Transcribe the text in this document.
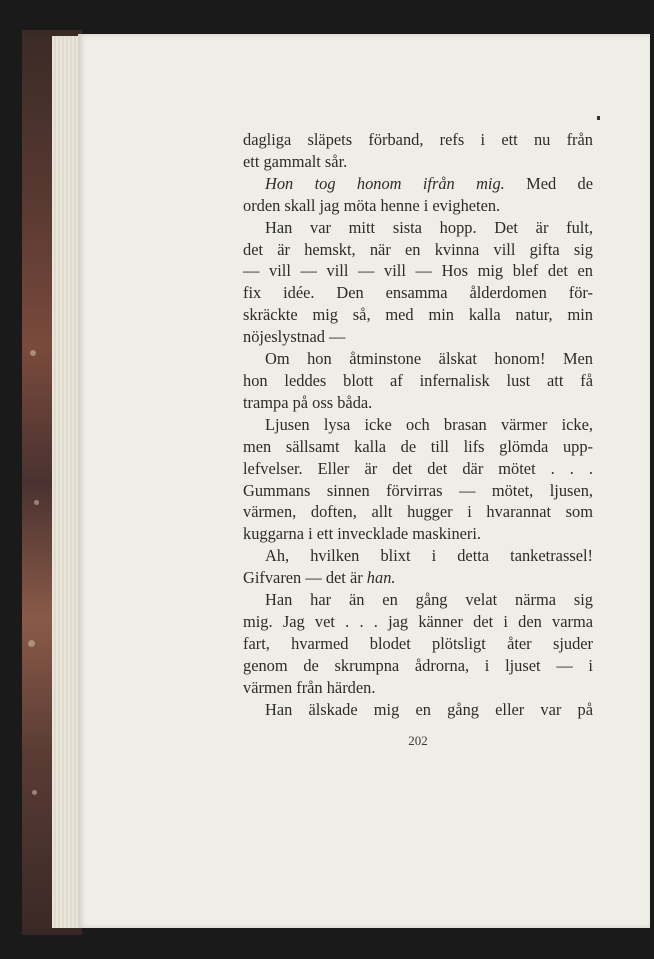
dagliga släpets förband, refs i ett nu från
ett gammalt sår.
Hon tog honom ifrån mig. Med de
orden skall jag möta henne i evigheten.
Han var mitt sista hopp. Det är fult,
det är hemskt, när en kvinna vill gifta sig
— vill — vill — vill — Hos mig blef det en
fix idée. Den ensamma ålderdomen för-
skräckte mig så, med min kalla natur, min
nöjeslystnad —
Om hon åtminstone älskat honom! Men
hon leddes blott af infernalisk lust att få
trampa på oss båda.
Ljusen lysa icke och brasan värmer icke,
men sällsamt kalla de till lifs glömda upp-
lefvelser. Eller är det det där mötet . . .
Gummans sinnen förvirras — mötet, ljusen,
värmen, doften, allt hugger i hvarannat som
kuggarna i ett invecklade maskineri.
Ah, hvilken blixt i detta tanketrassel!
Gifvaren — det är han.
Han har än en gång velat närma sig
mig. Jag vet . . . jag känner det i den varma
fart, hvarmed blodet plötsligt åter sjuder
genom de skrumpna ådrorna, i ljuset — i
värmen från härden.
Han älskade mig en gång eller var på
202
